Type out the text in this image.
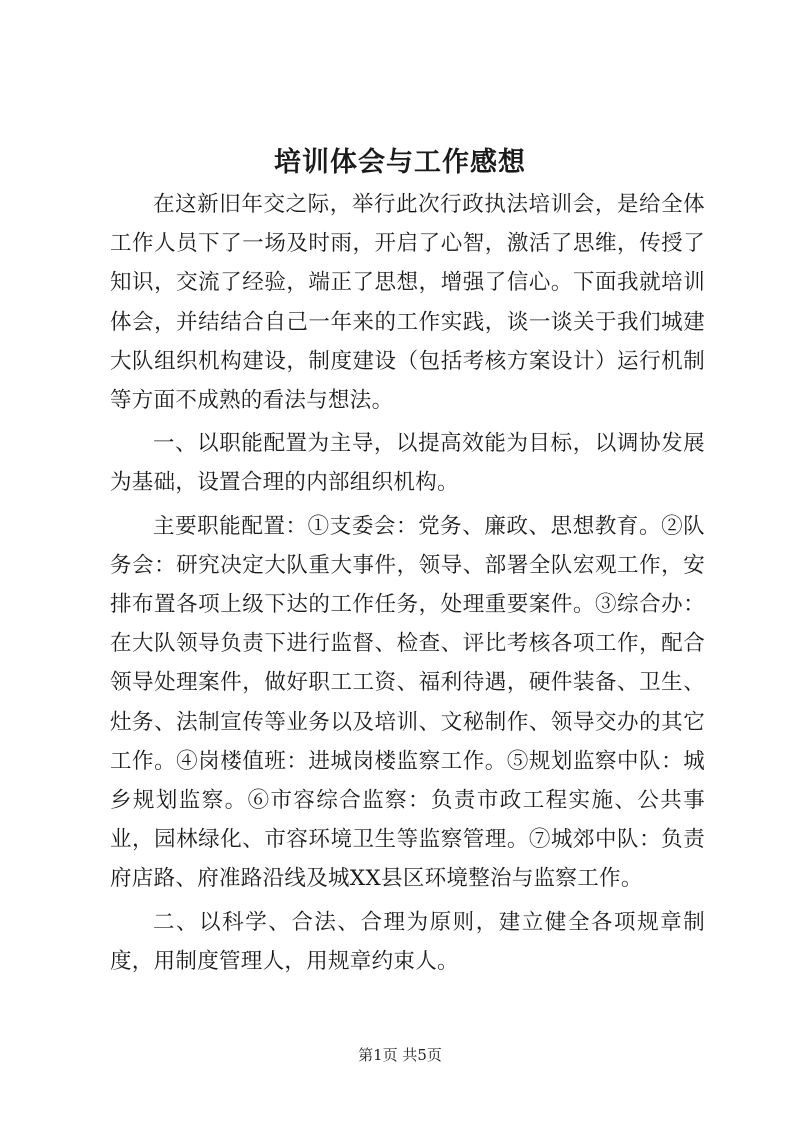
培训体会与工作感想

在这新旧年交之际，举行此次行政执法培训会，是给全体工作人员下了一场及时雨，开启了心智，激活了思维，传授了知识，交流了经验，端正了思想，增强了信心。下面我就培训体会，并结结合自己一年来的工作实践，谈一谈关于我们城建大队组织机构建设，制度建设（包括考核方案设计）运行机制等方面不成熟的看法与想法。

一、以职能配置为主导，以提高效能为目标，以调协发展为基础，设置合理的内部组织机构。

主要职能配置：①支委会：党务、廉政、思想教育。②队务会：研究决定大队重大事件，领导、部署全队宏观工作，安排布置各项上级下达的工作任务，处理重要案件。③综合办：在大队领导负责下进行监督、检查、评比考核各项工作，配合领导处理案件，做好职工工资、福利待遇，硬件装备、卫生、灶务、法制宣传等业务以及培训、文秘制作、领导交办的其它工作。④岗楼值班：进城岗楼监察工作。⑤规划监察中队：城乡规划监察。⑥市容综合监察：负责市政工程实施、公共事业，园林绿化、市容环境卫生等监察管理。⑦城郊中队：负责府店路、府准路沿线及城XX县区环境整治与监察工作。

二、以科学、合法、合理为原则，建立健全各项规章制度，用制度管理人，用规章约束人。

第1页 共5页
